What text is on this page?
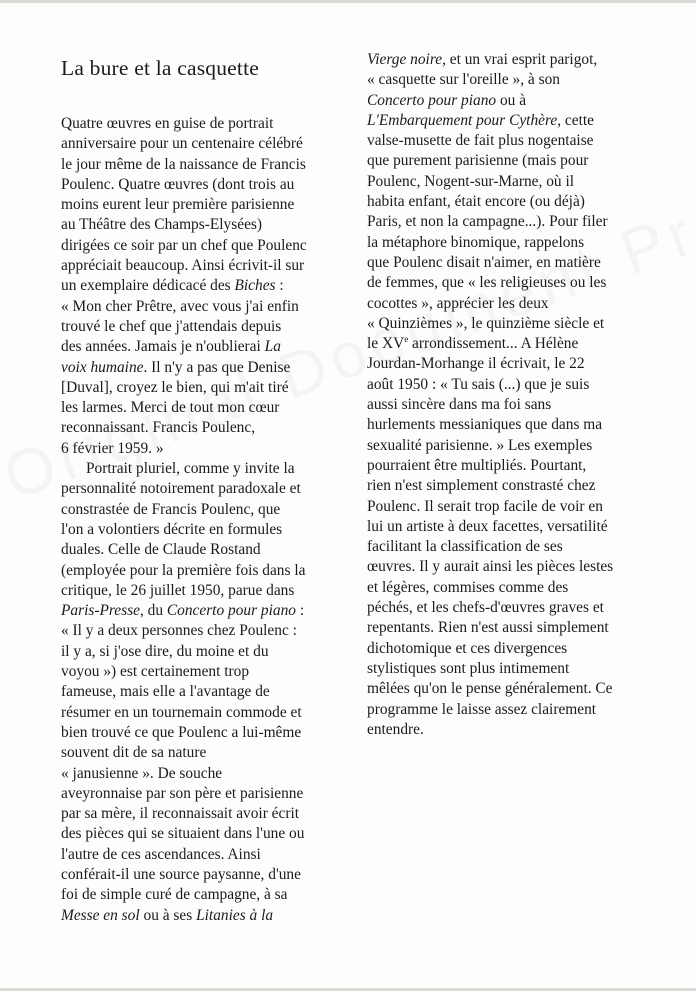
La bure et la casquette
Quatre œuvres en guise de portrait
anniversaire pour un centenaire célébré
le jour même de la naissance de Francis
Poulenc. Quatre œuvres (dont trois au
moins eurent leur première parisienne
au Théâtre des Champs-Elysées)
dirigées ce soir par un chef que Poulenc
appréciait beaucoup. Ainsi écrivit-il sur
un exemplaire dédicacé des Biches :
« Mon cher Prêtre, avec vous j'ai enfin
trouvé le chef que j'attendais depuis
des années. Jamais je n'oublierai La
voix humaine. Il n'y a pas que Denise
[Duval], croyez le bien, qui m'ait tiré
les larmes. Merci de tout mon cœur
reconnaissant. Francis Poulenc,
6 février 1959. »
Portrait pluriel, comme y invite la
personnalité notoirement paradoxale et
constrastée de Francis Poulenc, que
l'on a volontiers décrite en formules
duales. Celle de Claude Rostand
(employée pour la première fois dans la
critique, le 26 juillet 1950, parue dans
Paris-Presse, du Concerto pour piano :
« Il y a deux personnes chez Poulenc :
il y a, si j'ose dire, du moine et du
voyou ») est certainement trop
fameuse, mais elle a l'avantage de
résumer en un tournemain commode et
bien trouvé ce que Poulenc a lui-même
souvent dit de sa nature
« janusienne ». De souche
aveyronnaise par son père et parisienne
par sa mère, il reconnaissait avoir écrit
des pièces qui se situaient dans l'une ou
l'autre de ces ascendances. Ainsi
conférait-il une source paysanne, d'une
foi de simple curé de campagne, à sa
Messe en sol ou à ses Litanies à la
Vierge noire, et un vrai esprit parigot,
« casquette sur l'oreille », à son
Concerto pour piano ou à
L'Embarquement pour Cythère, cette
valse-musette de fait plus nogentaise
que purement parisienne (mais pour
Poulenc, Nogent-sur-Marne, où il
habita enfant, était encore (ou déjà)
Paris, et non la campagne...). Pour filer
la métaphore binomique, rappelons
que Poulenc disait n'aimer, en matière
de femmes, que « les religieuses ou les
cocottes », apprécier les deux
« Quinzièmes », le quinzième siècle et
le XVe arrondissement... A Hélène
Jourdan-Morhange il écrivait, le 22
août 1950 : « Tu sais (...) que je suis
aussi sincère dans ma foi sans
hurlements messianiques que dans ma
sexualité parisienne. » Les exemples
pourraient être multipliés. Pourtant,
rien n'est simplement constrasté chez
Poulenc. Il serait trop facile de voir en
lui un artiste à deux facettes, versatilité
facilitant la classification de ses
œuvres. Il y aurait ainsi les pièces lestes
et légères, commises comme des
péchés, et les chefs-d'œuvres graves et
repentants. Rien n'est aussi simplement
dichotomique et ces divergences
stylistiques sont plus intimement
mêlées qu'on le pense généralement. Ce
programme le laisse assez clairement
entendre.
